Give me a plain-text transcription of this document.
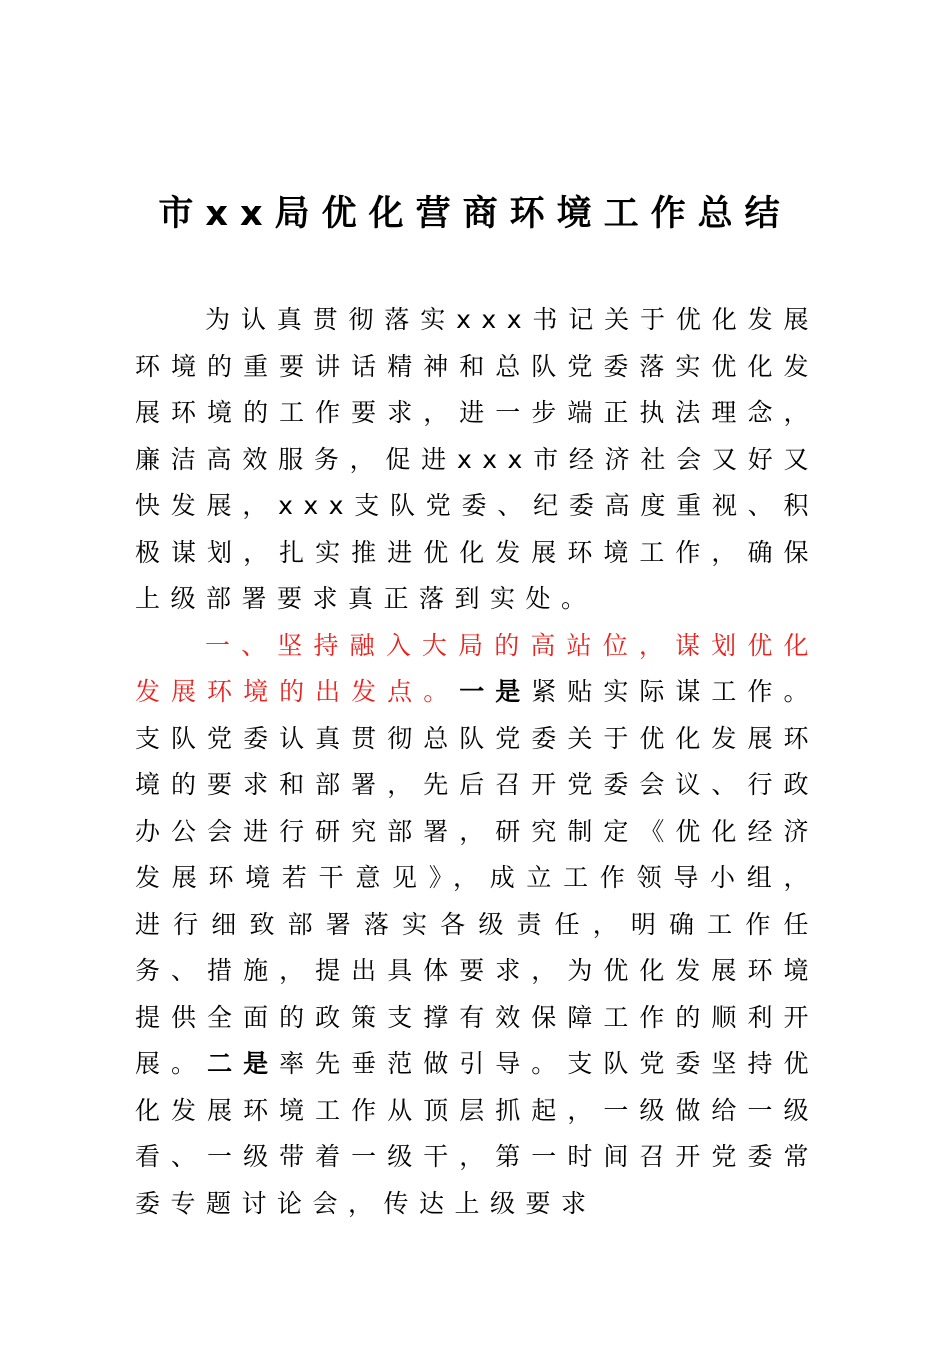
市xx局优化营商环境工作总结

为认真贯彻落实xxx书记关于优化发展环境的重要讲话精神和总队党委落实优化发展环境的工作要求，进一步端正执法理念，廉洁高效服务，促进xxx市经济社会又好又快发展，xxx支队党委、纪委高度重视、积极谋划，扎实推进优化发展环境工作，确保上级部署要求真正落到实处。

一、坚持融入大局的高站位，谋划优化发展环境的出发点。一是紧贴实际谋工作。支队党委认真贯彻总队党委关于优化发展环境的要求和部署，先后召开党委会议、行政办公会进行研究部署，研究制定《优化经济发展环境若干意见》，成立工作领导小组，进行细致部署落实各级责任，明确工作任务、措施，提出具体要求，为优化发展环境提供全面的政策支撑有效保障工作的顺利开展。二是率先垂范做引导。支队党委坚持优化发展环境工作从顶层抓起，一级做给一级看、一级带着一级干，第一时间召开党委常委专题讨论会，传达上级要求
